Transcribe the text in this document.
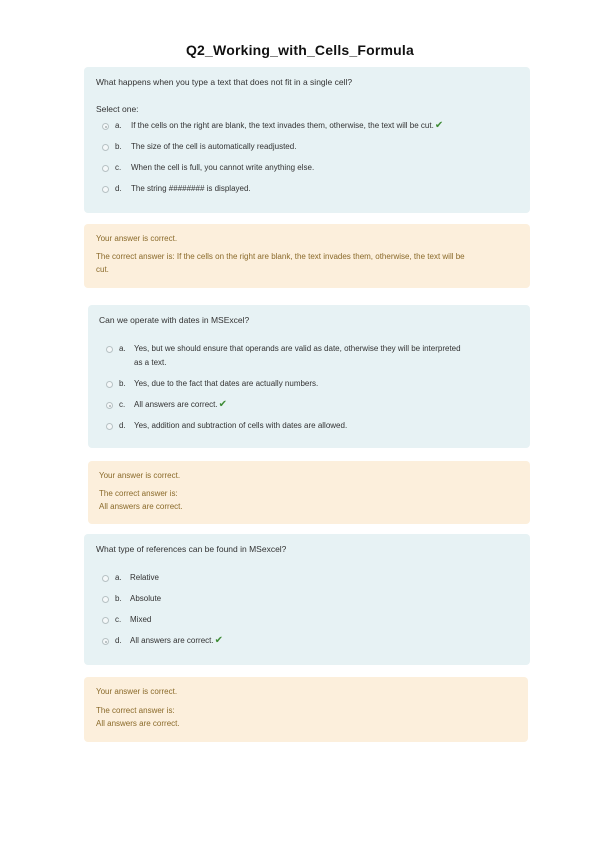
Q2_Working_with_Cells_Formula
What happens when you type a text that does not fit in a single cell?
Select one:
a. If the cells on the right are blank, the text invades them, otherwise, the text will be cut.✔
b. The size of the cell is automatically readjusted.
c. When the cell is full, you cannot write anything else.
d. The string ######## is displayed.
Your answer is correct.
The correct answer is: If the cells on the right are blank, the text invades them, otherwise, the text will be
cut.
Can we operate with dates in MSExcel?
a. Yes, but we should ensure that operands are valid as date, otherwise they will be interpreted
as a text.
b. Yes, due to the fact that dates are actually numbers.
c. All answers are correct.✔
d. Yes, addition and subtraction of cells with dates are allowed.
Your answer is correct.
The correct answer is:
All answers are correct.
What type of references can be found in MSexcel?
a. Relative
b. Absolute
c. Mixed
d. All answers are correct.✔
Your answer is correct.
The correct answer is:
All answers are correct.
